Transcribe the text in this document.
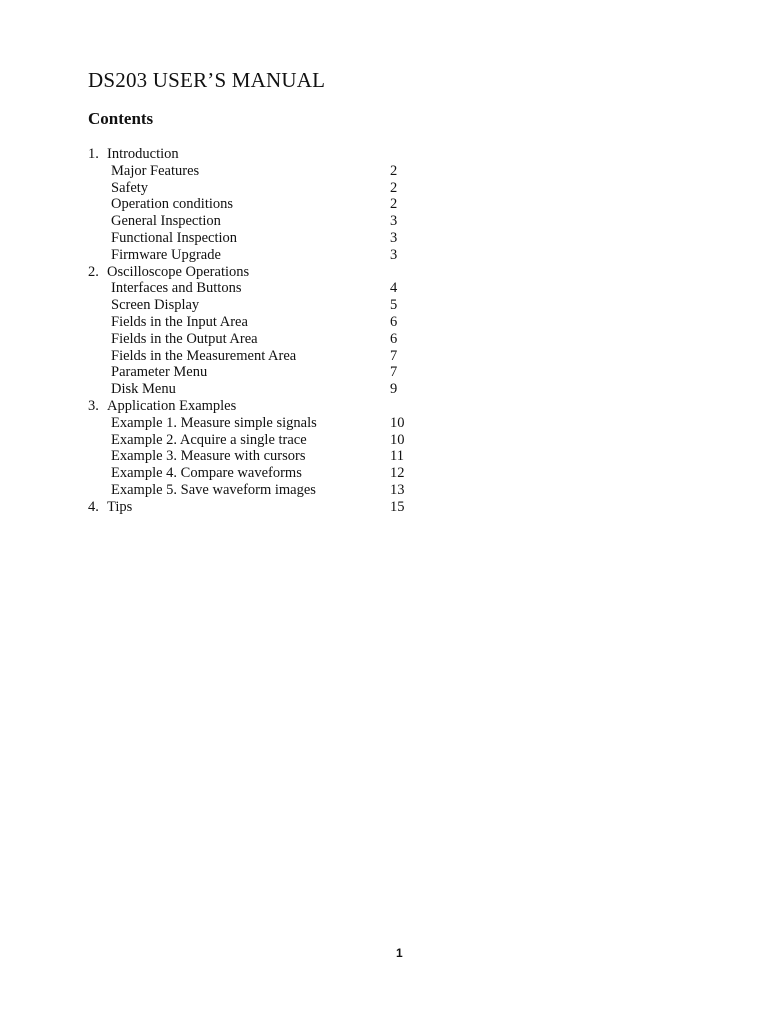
DS203 USER’S MANUAL
Contents
1. Introduction
Major Features	2
Safety	2
Operation conditions	2
General Inspection	3
Functional Inspection	3
Firmware Upgrade	3
2. Oscilloscope Operations
Interfaces and Buttons	4
Screen Display	5
Fields in the Input Area	6
Fields in the Output Area	6
Fields in the Measurement Area	7
Parameter Menu	7
Disk Menu	9
3. Application Examples
Example 1. Measure simple signals	10
Example 2. Acquire a single trace	10
Example 3. Measure with cursors	11
Example 4. Compare waveforms	12
Example 5. Save waveform images	13
4. Tips	15
1
